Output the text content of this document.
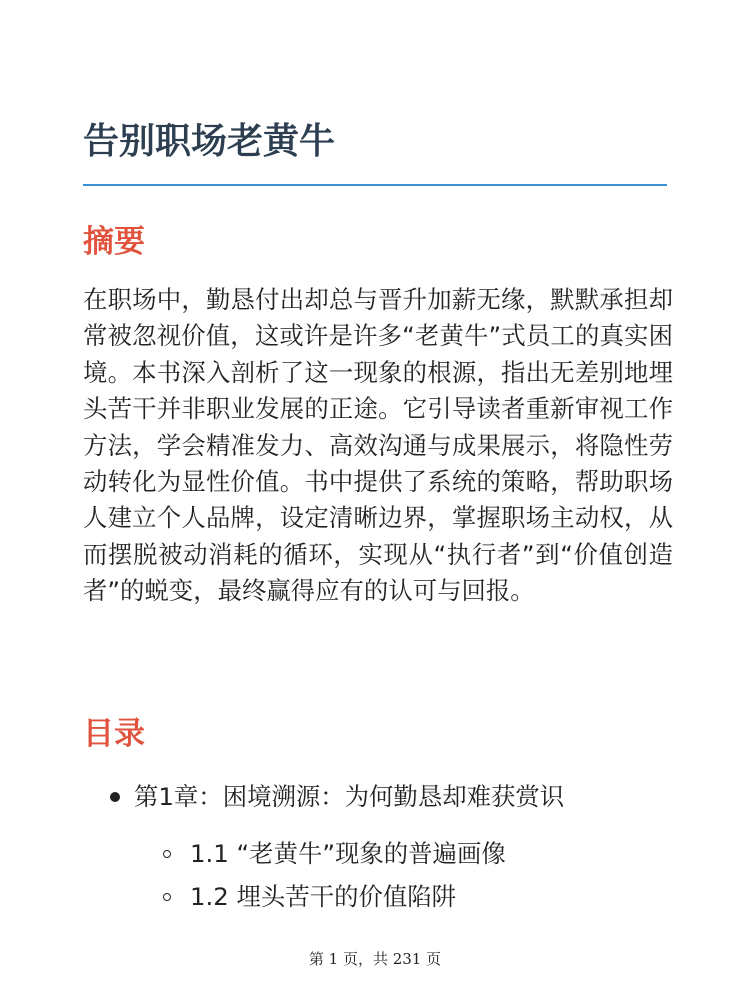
告别职场老黄牛
摘要

在职场中，勤恳付出却总与晋升加薪无缘，默默承担却常被忽视价值，这或许是许多“老黄牛”式员工的真实困境。本书深入剖析了这一现象的根源，指出无差别地埋头苦干并非职业发展的正途。它引导读者重新审视工作方法，学会精准发力、高效沟通与成果展示，将隐性劳动转化为显性价值。书中提供了系统的策略，帮助职场人建立个人品牌，设定清晰边界，掌握职场主动权，从而摆脱被动消耗的循环，实现从“执行者”到“价值创造者”的蜕变，最终赢得应有的认可与回报。

目录
第1章：困境溯源：为何勤恳却难获赏识
1.1 “老黄牛”现象的普遍画像
1.2 埋头苦干的价值陷阱
第 1 页，共 231 页
